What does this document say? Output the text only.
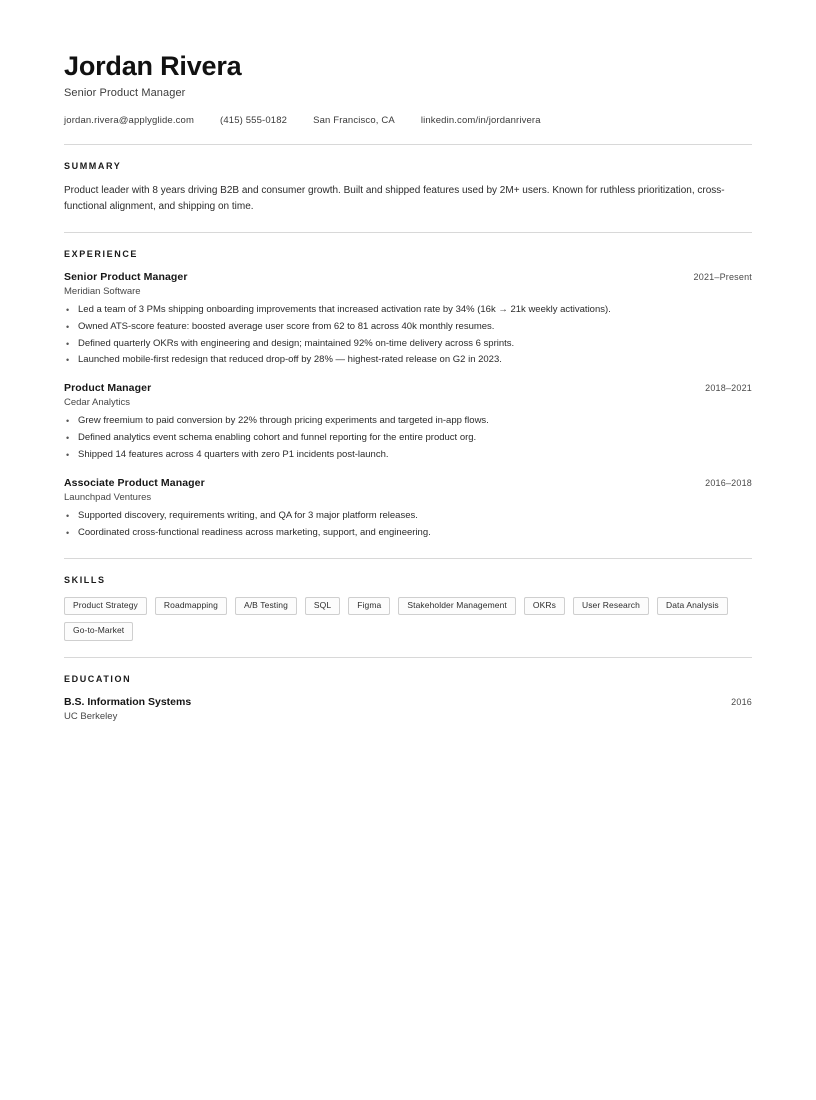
Jordan Rivera
Senior Product Manager
jordan.rivera@applyglide.com	(415) 555-0182	San Francisco, CA	linkedin.com/in/jordanrivera
SUMMARY

Product leader with 8 years driving B2B and consumer growth. Built and shipped features used by 2M+ users. Known for ruthless prioritization, cross-functional alignment, and shipping on time.

EXPERIENCE
Senior Product Manager	2021–Present
Meridian Software
• Led a team of 3 PMs shipping onboarding improvements that increased activation rate by 34% (16k → 21k weekly activations).
• Owned ATS-score feature: boosted average user score from 62 to 81 across 40k monthly resumes.
• Defined quarterly OKRs with engineering and design; maintained 92% on-time delivery across 6 sprints.
• Launched mobile-first redesign that reduced drop-off by 28% — highest-rated release on G2 in 2023.
Product Manager	2018–2021
Cedar Analytics
• Grew freemium to paid conversion by 22% through pricing experiments and targeted in-app flows.
• Defined analytics event schema enabling cohort and funnel reporting for the entire product org.
• Shipped 14 features across 4 quarters with zero P1 incidents post-launch.
Associate Product Manager	2016–2018
Launchpad Ventures
• Supported discovery, requirements writing, and QA for 3 major platform releases.
• Coordinated cross-functional readiness across marketing, support, and engineering.
SKILLS
Product Strategy	Roadmapping	A/B Testing	SQL	Figma	Stakeholder Management	OKRs	User Research	Data Analysis
Go-to-Market
EDUCATION
B.S. Information Systems	2016
UC Berkeley
